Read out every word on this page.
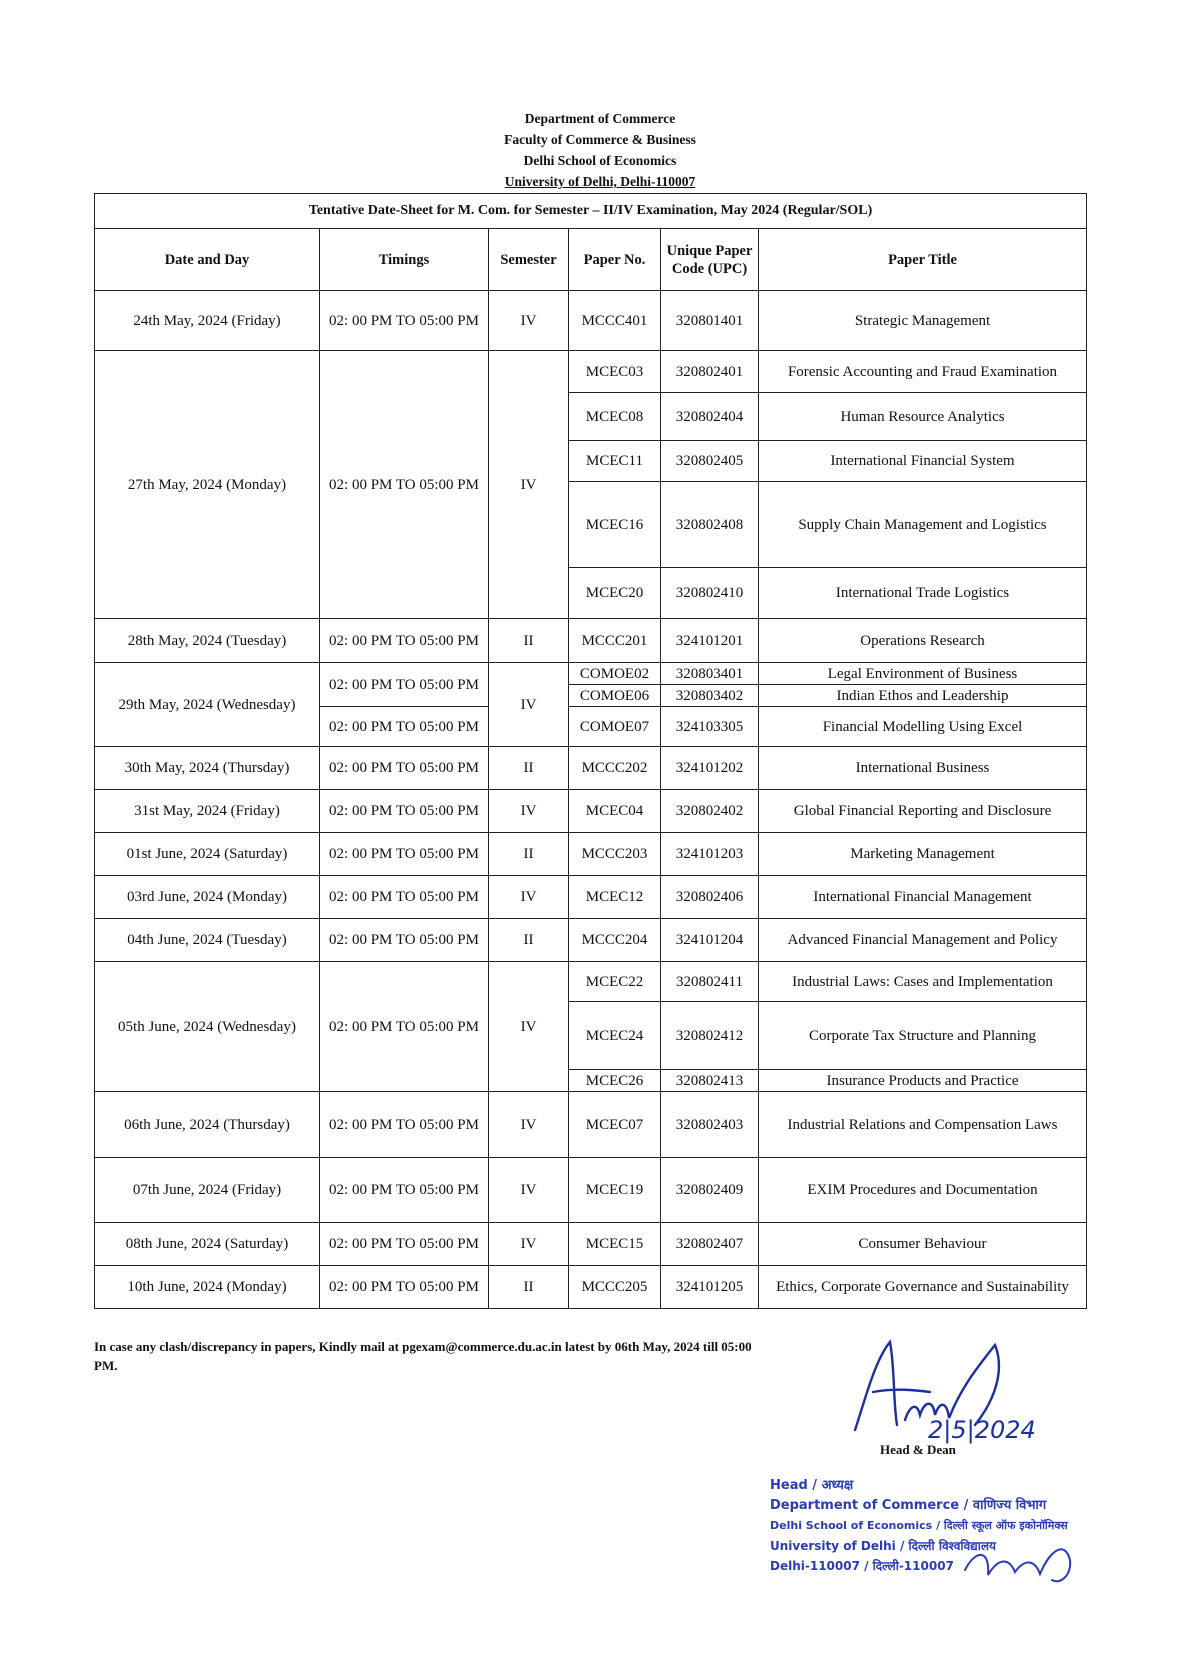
Department of Commerce
Faculty of Commerce & Business
Delhi School of Economics
University of Delhi, Delhi-110007
Tentative Date-Sheet for M. Com. for Semester – II/IV Examination, May 2024 (Regular/SOL)					
Date and Day	Timings	Semester	Paper No.	Unique Paper Code (UPC)	Paper Title
24th May, 2024 (Friday)	02: 00 PM TO 05:00 PM	IV	MCCC401	320801401	Strategic Management
27th May, 2024 (Monday)	02: 00 PM TO 05:00 PM	IV	MCEC03	320802401	Forensic Accounting and Fraud Examination
			MCEC08	320802404	Human Resource Analytics
			MCEC11	320802405	International Financial System
			MCEC16	320802408	Supply Chain Management and Logistics
			MCEC20	320802410	International Trade Logistics
28th May, 2024 (Tuesday)	02: 00 PM TO 05:00 PM	II	MCCC201	324101201	Operations Research
29th May, 2024 (Wednesday)	02: 00 PM TO 05:00 PM	IV	COMOE02	320803401	Legal Environment of Business
			COMOE06	320803402	Indian Ethos and Leadership
	02: 00 PM TO 05:00 PM		COMOE07	324103305	Financial Modelling Using Excel
30th May, 2024 (Thursday)	02: 00 PM TO 05:00 PM	II	MCCC202	324101202	International Business
31st May, 2024 (Friday)	02: 00 PM TO 05:00 PM	IV	MCEC04	320802402	Global Financial Reporting and Disclosure
01st June, 2024 (Saturday)	02: 00 PM TO 05:00 PM	II	MCCC203	324101203	Marketing Management
03rd June, 2024 (Monday)	02: 00 PM TO 05:00 PM	IV	MCEC12	320802406	International Financial Management
04th June, 2024 (Tuesday)	02: 00 PM TO 05:00 PM	II	MCCC204	324101204	Advanced Financial Management and Policy
05th June, 2024 (Wednesday)	02: 00 PM TO 05:00 PM	IV	MCEC22	320802411	Industrial Laws: Cases and Implementation
			MCEC24	320802412	Corporate Tax Structure and Planning
			MCEC26	320802413	Insurance Products and Practice
06th June, 2024 (Thursday)	02: 00 PM TO 05:00 PM	IV	MCEC07	320802403	Industrial Relations and Compensation Laws
07th June, 2024 (Friday)	02: 00 PM TO 05:00 PM	IV	MCEC19	320802409	EXIM Procedures and Documentation
08th June, 2024 (Saturday)	02: 00 PM TO 05:00 PM	IV	MCEC15	320802407	Consumer Behaviour
10th June, 2024 (Monday)	02: 00 PM TO 05:00 PM	II	MCCC205	324101205	Ethics, Corporate Governance and Sustainability
In case any clash/discrepancy in papers, Kindly mail at pgexam@commerce.du.ac.in latest by 06th May, 2024 till 05:00 PM.
2|5|2024
Head & Dean
Head / अध्यक्ष
Department of Commerce / वाणिज्य विभाग
Delhi School of Economics / दिल्ली स्कूल ऑफ इकोनॉमिक्स
University of Delhi / दिल्ली विश्वविद्यालय
Delhi-110007 / दिल्ली-110007
